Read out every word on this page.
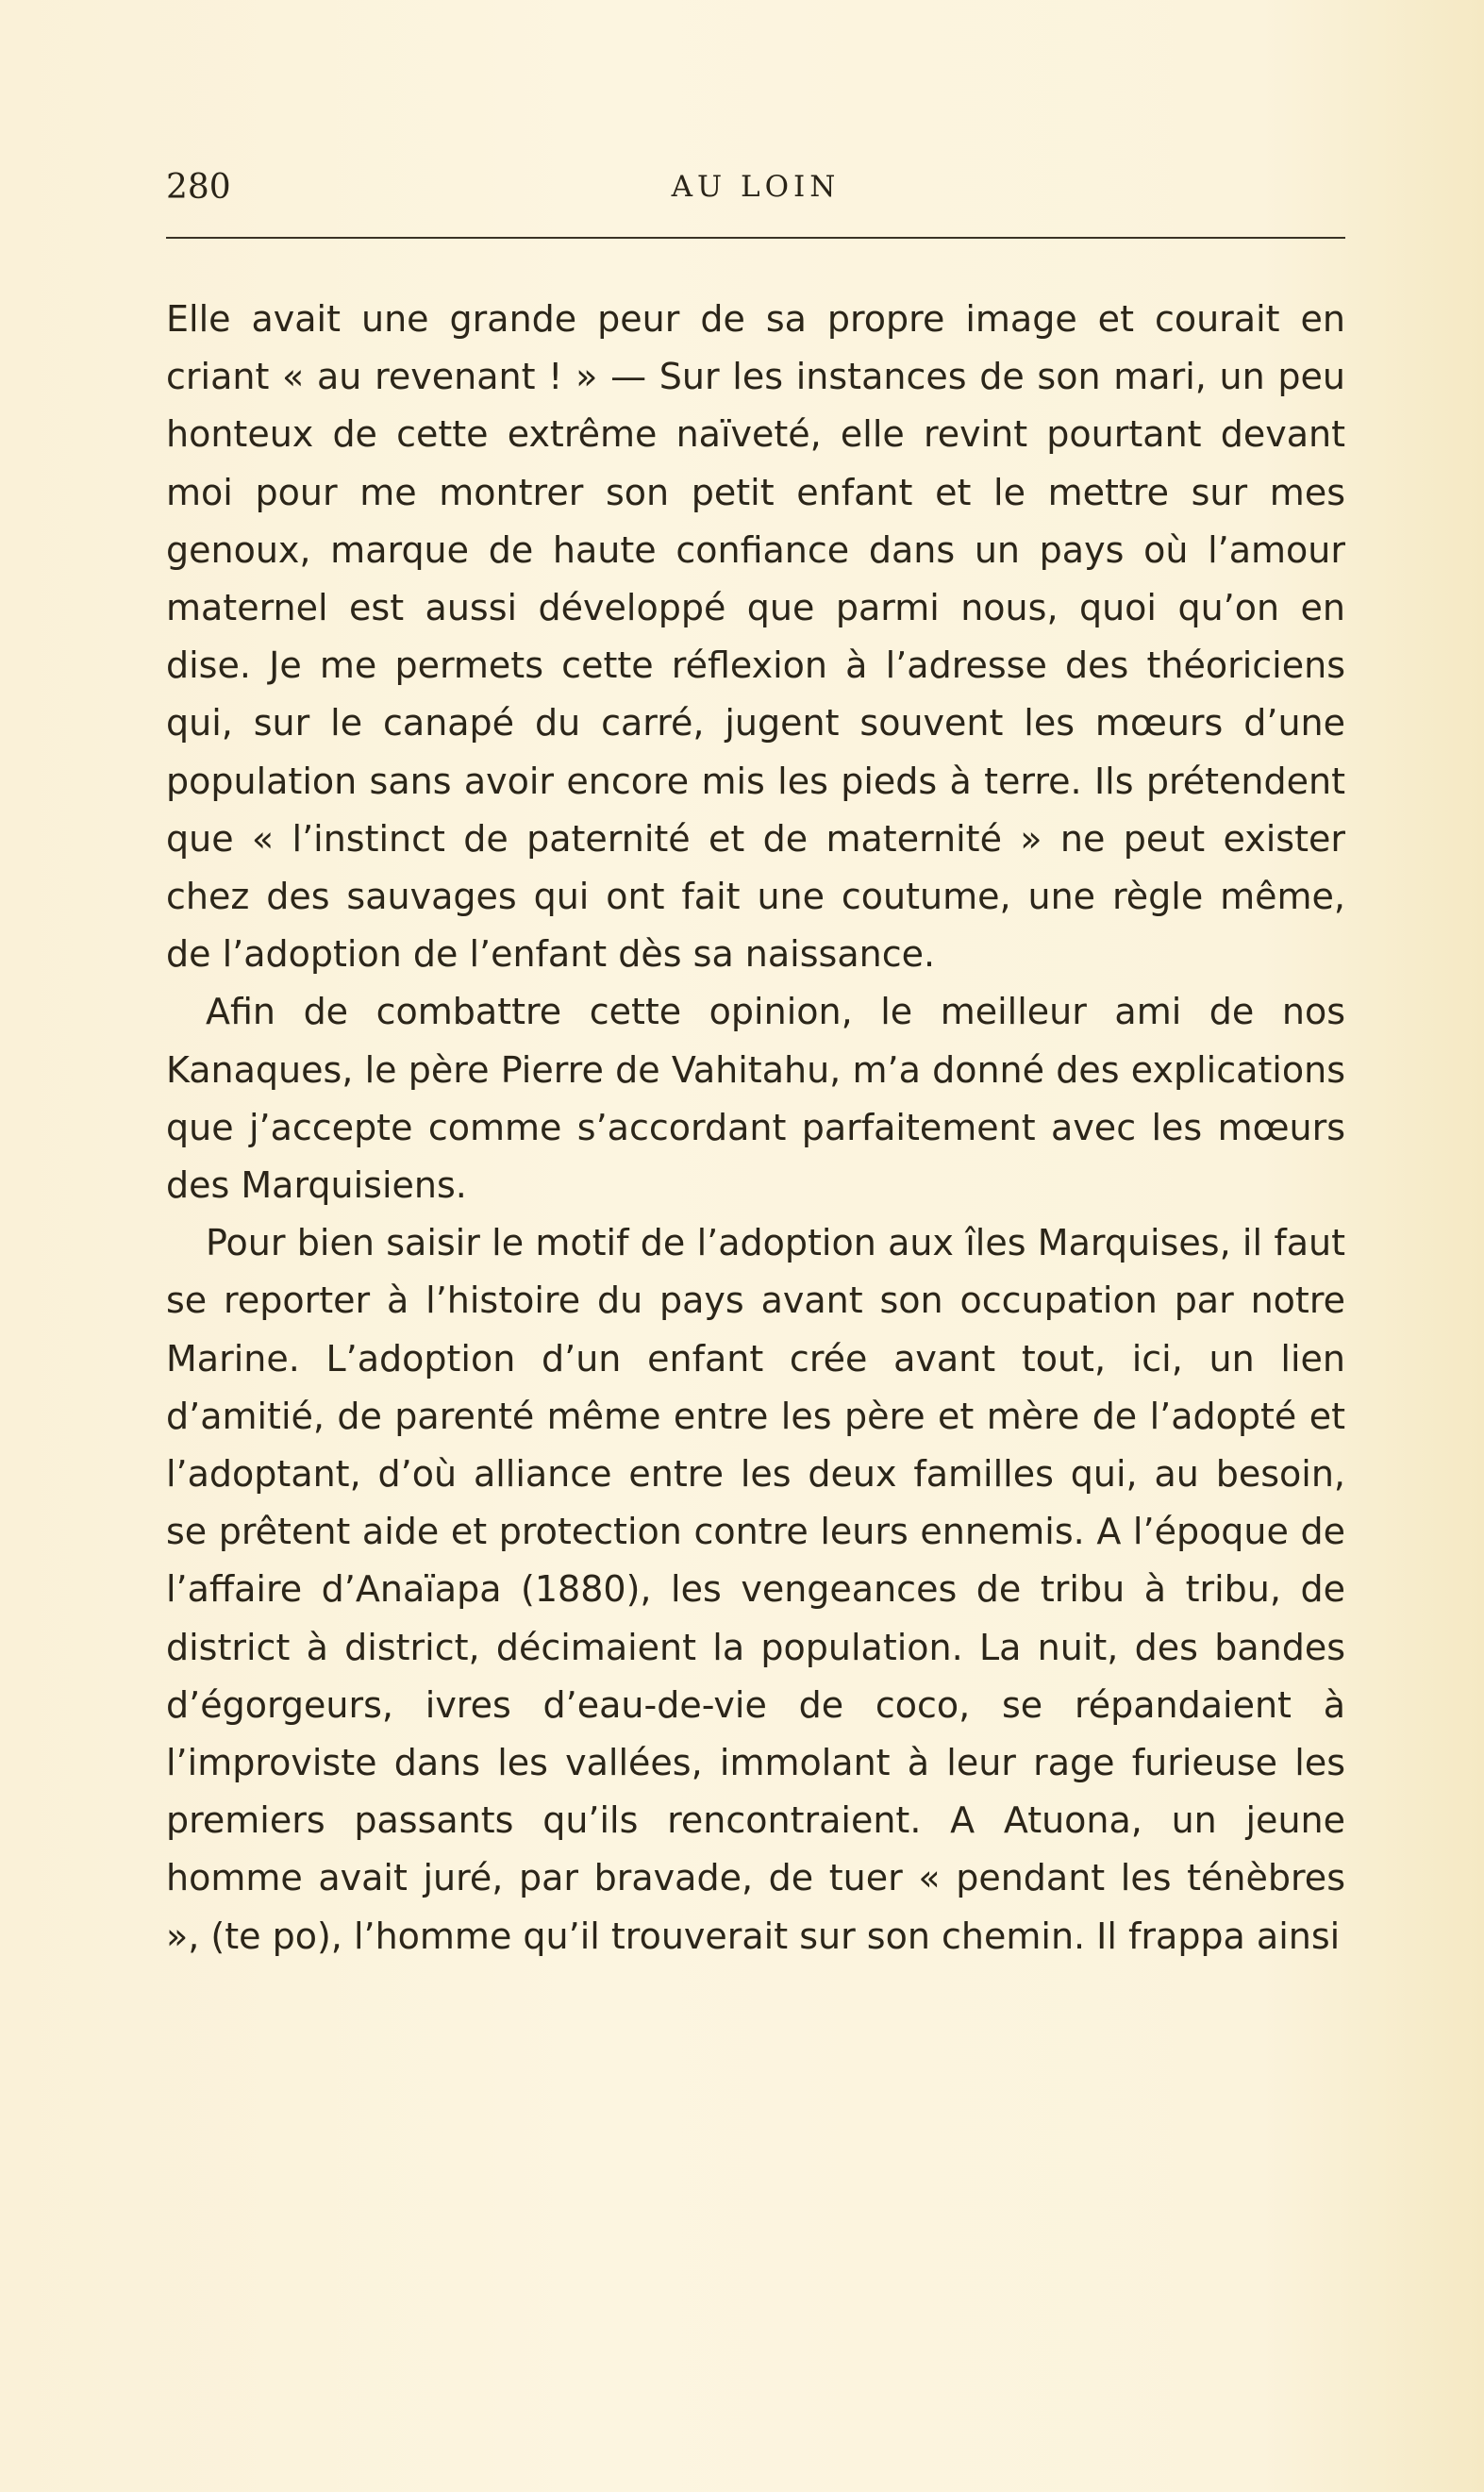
280	AU LOIN

Elle avait une grande peur de sa propre image et courait en criant « au revenant ! » — Sur les instances de son mari, un peu honteux de cette extrême naïveté, elle revint pourtant devant moi pour me montrer son petit enfant et le mettre sur mes genoux, marque de haute confiance dans un pays où l’amour maternel est aussi développé que parmi nous, quoi qu’on en dise. Je me permets cette réflexion à l’adresse des théoriciens qui, sur le canapé du carré, jugent souvent les mœurs d’une population sans avoir encore mis les pieds à terre. Ils prétendent que « l’instinct de paternité et de maternité » ne peut exister chez des sauvages qui ont fait une coutume, une règle même, de l’adoption de l’enfant dès sa naissance.

Afin de combattre cette opinion, le meilleur ami de nos Kanaques, le père Pierre de Vahitahu, m’a donné des explications que j’accepte comme s’accordant parfaitement avec les mœurs des Marquisiens.

Pour bien saisir le motif de l’adoption aux îles Marquises, il faut se reporter à l’histoire du pays avant son occupation par notre Marine. L’adoption d’un enfant crée avant tout, ici, un lien d’amitié, de parenté même entre les père et mère de l’adopté et l’adoptant, d’où alliance entre les deux familles qui, au besoin, se prêtent aide et protection contre leurs ennemis. A l’époque de l’affaire d’Anaïapa (1880), les vengeances de tribu à tribu, de district à district, décimaient la population. La nuit, des bandes d’égorgeurs, ivres d’eau-de-vie de coco, se répandaient à l’improviste dans les vallées, immolant à leur rage furieuse les premiers passants qu’ils rencontraient. A Atuona, un jeune homme avait juré, par bravade, de tuer « pendant les ténèbres », (te po), l’homme qu’il trouverait sur son chemin. Il frappa ainsi
